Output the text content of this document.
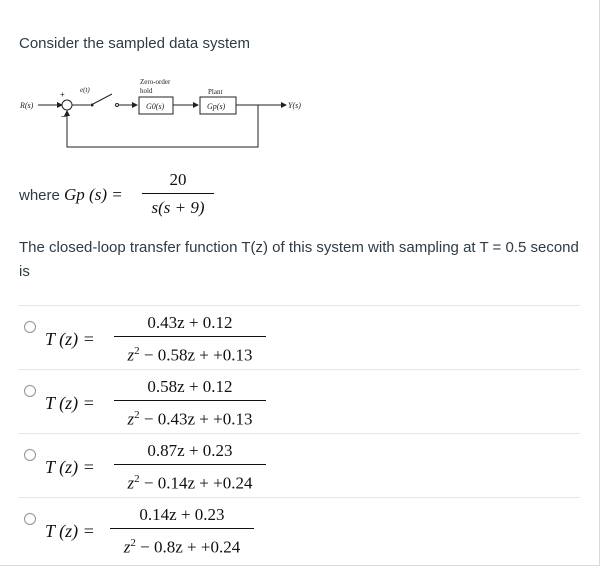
Consider the sampled data system
R(s)
+
−
e(t)
Zero-order
hold
G0(s)
Plant
Gp(s)	Y(s)
where Gp (s) =
20
s(s + 9)
The closed-loop transfer function T(z) of this system with sampling at T = 0.5 second is
T (z) =
0.43z + 0.12
$z^2 - 0.58z + +0.13$
T (z) =
0.58z + 0.12
$z^2 - 0.43z + +0.13$
T (z) =
0.87z + 0.23
$z^2 - 0.14z + +0.24$
T (z) =
0.14z + 0.23
$z^2 - 0.8z + +0.24$
